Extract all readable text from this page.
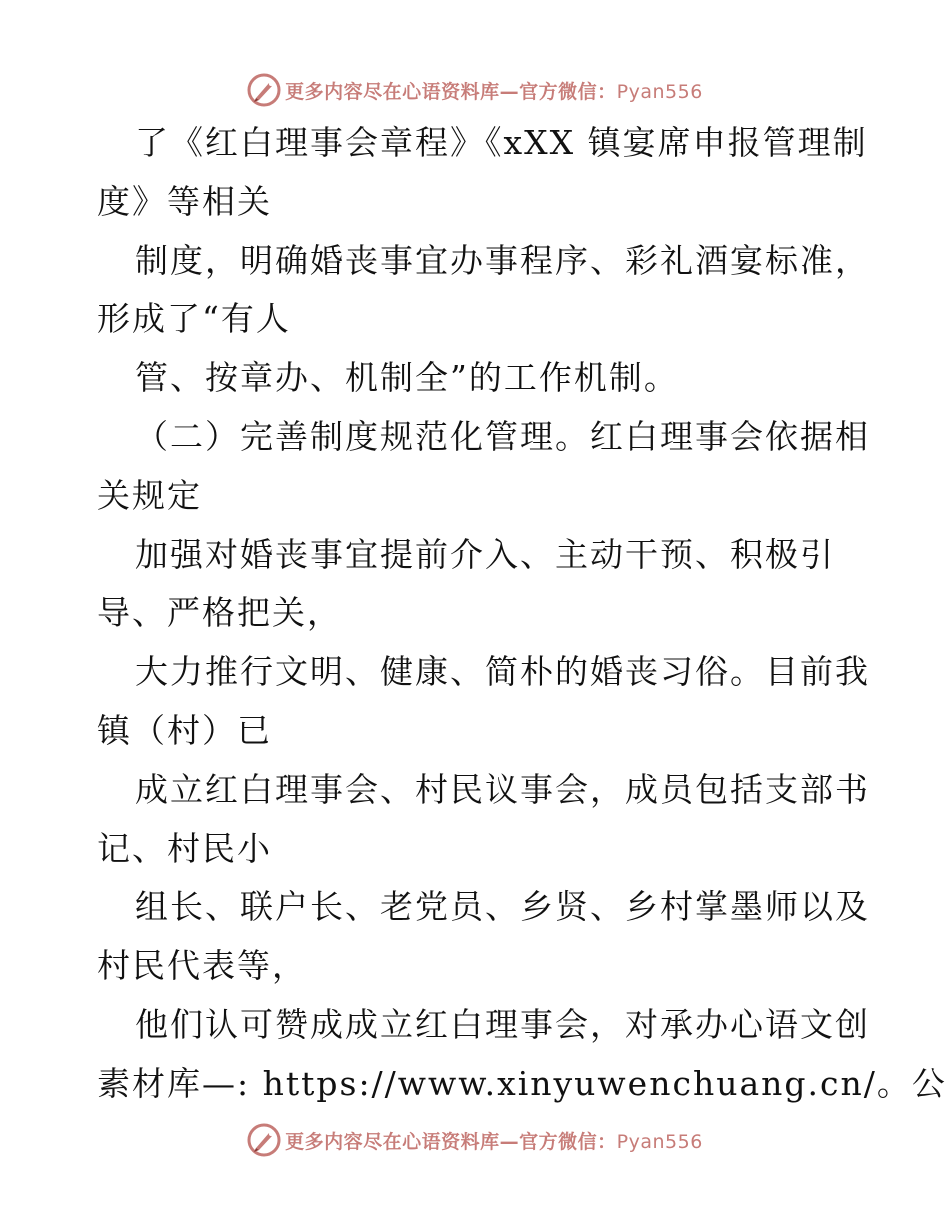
更多内容尽在心语资料库—官方微信：Pyan556
了《红白理事会章程》《xXX 镇宴席申报管理制
度》等相关
制度，明确婚丧事宜办事程序、彩礼酒宴标准，
形成了“有人
管、按章办、机制全”的工作机制。
（二）完善制度规范化管理。红白理事会依据相
关规定
加强对婚丧事宜提前介入、主动干预、积极引
导、严格把关，
大力推行文明、健康、简朴的婚丧习俗。目前我
镇（村）已
成立红白理事会、村民议事会，成员包括支部书
记、村民小
组长、联户长、老党员、乡贤、乡村掌墨师以及
村民代表等，
他们认可赞成成立红白理事会，对承办心语文创
素材库—: https://www.xinyuwenchuang.cn/。公
更多内容尽在心语资料库—官方微信：Pyan556
